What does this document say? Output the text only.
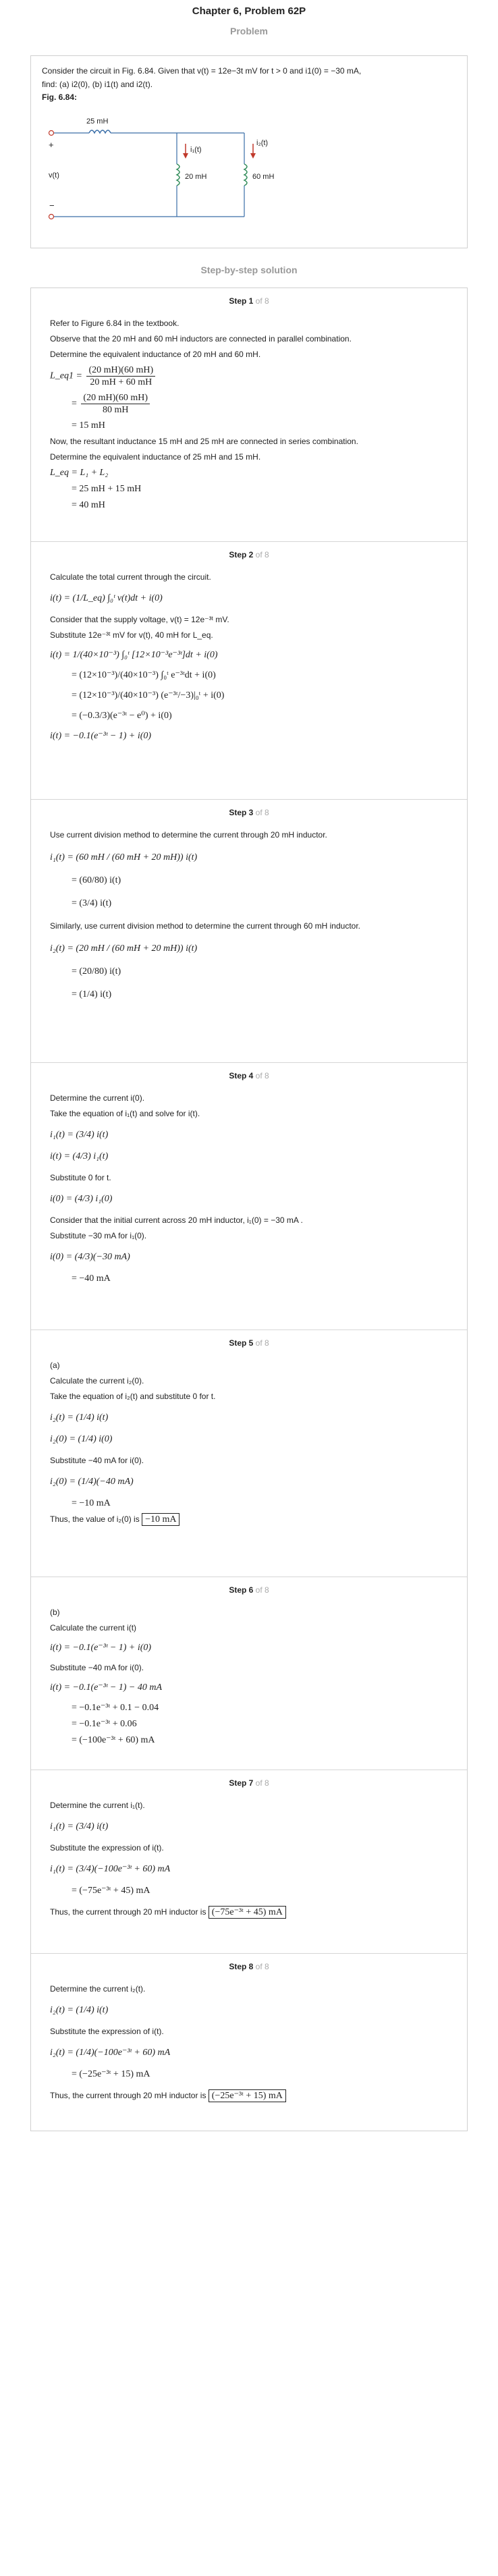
Chapter 6, Problem 62P
Problem

Consider the circuit in Fig. 6.84. Given that v(t) = 12e−3t mV for t > 0 and i1(0) = −30 mA,

find: (a) i2(0), (b) i1(t) and i2(t).

Fig. 6.84:
25 mH
+
v(t)
−
20 mH	60 mH
i₁(t)
i₂(t)
Step-by-step solution
Step 1 of 8
Refer to Figure 6.84 in the textbook.
Observe that the 20 mH and 60 mH inductors are connected in parallel combination.
Determine the equivalent inductance of 20 mH and 60 mH.
L_eq1 = $\frac{(20 mH)(60 mH)}{20 mH + 60 mH}$
= $\frac{(20 mH)(60 mH)}{80 mH}$
= 15 mH
Now, the resultant inductance 15 mH and 25 mH are connected in series combination.
Determine the equivalent inductance of 25 mH and 15 mH.
L_eq = L₁ + L₂
= 25 mH + 15 mH
= 40 mH
Step 2 of 8
Calculate the total current through the circuit.
i(t) = (1/L_eq) ∫₀ᵗ v(t)dt + i(0)
Consider that the supply voltage, v(t) = 12e⁻³ᵗ mV.
Substitute 12e⁻³ᵗ mV for v(t), 40 mH for L_eq.
i(t) = 1/(40×10⁻³) ∫₀ᵗ [12×10⁻³e⁻³ᵗ]dt + i(0)
= (12×10⁻³)/(40×10⁻³) ∫₀ᵗ e⁻³ᵗdt + i(0)
= (12×10⁻³)/(40×10⁻³) (e⁻³ᵗ/−3)|₀ᵗ + i(0)
= (−0.3/3)(e⁻³ᵗ − e⁰) + i(0)
i(t) = −0.1(e⁻³ᵗ − 1) + i(0)
Step 3 of 8
Use current division method to determine the current through 20 mH inductor.
i₁(t) = (60 mH / (60 mH + 20 mH)) i(t)
= (60/80) i(t)
= (3/4) i(t)
Similarly, use current division method to determine the current through 60 mH inductor.
i₂(t) = (20 mH / (60 mH + 20 mH)) i(t)
= (20/80) i(t)
= (1/4) i(t)
Step 4 of 8
Determine the current i(0).
Take the equation of i₁(t) and solve for i(t).
i₁(t) = (3/4) i(t)
i(t) = (4/3) i₁(t)
Substitute 0 for t.
i(0) = (4/3) i₁(0)
Consider that the initial current across 20 mH inductor, i₁(0) = −30 mA .
Substitute −30 mA for i₁(0).
i(0) = (4/3)(−30 mA)
= −40 mA
Step 5 of 8
(a)
Calculate the current i₂(0).
Take the equation of i₂(t) and substitute 0 for t.
i₂(t) = (1/4) i(t)
i₂(0) = (1/4) i(0)
Substitute −40 mA for i(0).
i₂(0) = (1/4)(−40 mA)
= −10 mA
Thus, the value of i₂(0) is −10 mA
Step 6 of 8
(b)
Calculate the current i(t)
i(t) = −0.1(e⁻³ᵗ − 1) + i(0)
Substitute −40 mA for i(0).
i(t) = −0.1(e⁻³ᵗ − 1) − 40 mA
= −0.1e⁻³ᵗ + 0.1 − 0.04
= −0.1e⁻³ᵗ + 0.06
= (−100e⁻³ᵗ + 60) mA
Step 7 of 8
Determine the current i₁(t).
i₁(t) = (3/4) i(t)
Substitute the expression of i(t).
i₁(t) = (3/4)(−100e⁻³ᵗ + 60) mA
= (−75e⁻³ᵗ + 45) mA
Thus, the current through 20 mH inductor is (−75e⁻³ᵗ + 45) mA
Step 8 of 8
Determine the current i₂(t).
i₂(t) = (1/4) i(t)
Substitute the expression of i(t).
i₂(t) = (1/4)(−100e⁻³ᵗ + 60) mA
= (−25e⁻³ᵗ + 15) mA
Thus, the current through 20 mH inductor is (−25e⁻³ᵗ + 15) mA
